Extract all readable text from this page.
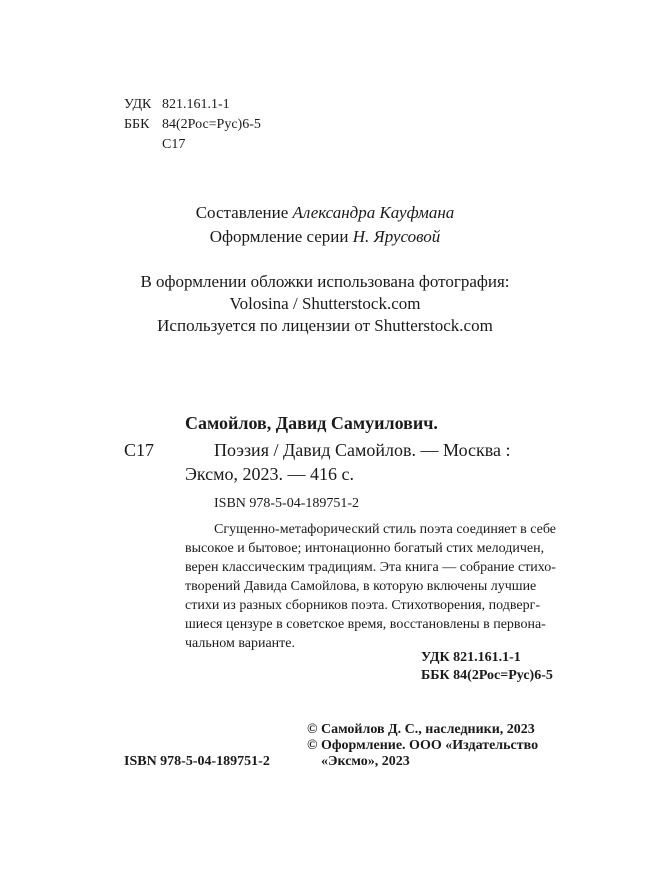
УДК 821.161.1-1
ББК 84(2Рос=Рус)6-5
С17
Составление Александра Кауфмана
Оформление серии Н. Ярусовой
В оформлении обложки использована фотография:
Volosina / Shutterstock.com
Используется по лицензии от Shutterstock.com
Самойлов, Давид Самуилович.
С17	Поэзия / Давид Самойлов. — Москва :
Эксмо, 2023. — 416 с.
ISBN 978-5-04-189751-2
Сгущенно-метафорический стиль поэта соединяет в себе
высокое и бытовое; интонационно богатый стих мелодичен,
верен классическим традициям. Эта книга — собрание стихо-
творений Давида Самойлова, в которую включены лучшие
стихи из разных сборников поэта. Стихотворения, подверг-
шиеся цензуре в советское время, восстановлены в первона-
чальном варианте.
УДК 821.161.1-1
ББК 84(2Рос=Рус)6-5
ISBN 978-5-04-189751-2
© Самойлов Д. С., наследники, 2023
© Оформление. ООО «Издательство
«Эксмо», 2023
